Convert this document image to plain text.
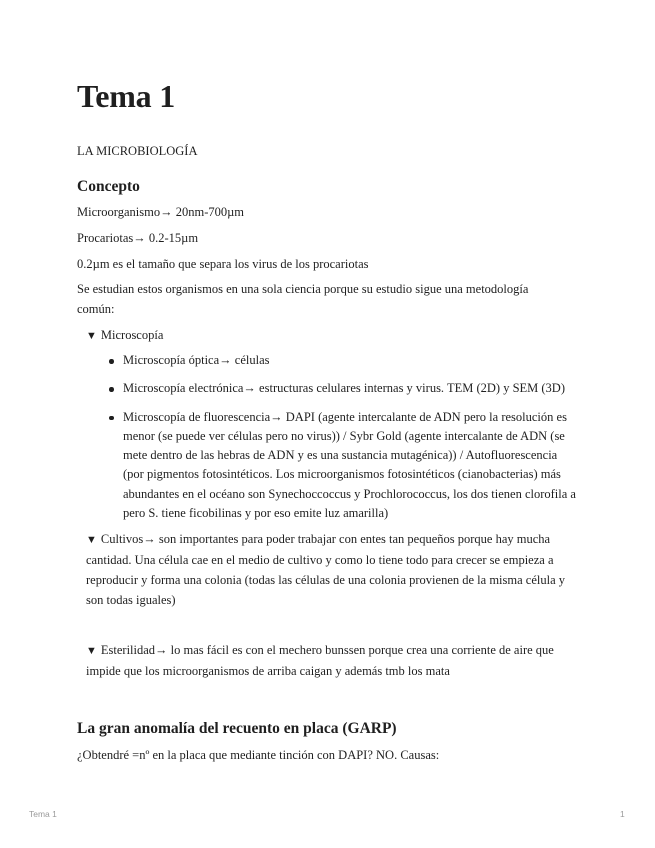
Tema 1

LA MICROBIOLOGÍA

Concepto

Microorganismo→ 20nm-700µm

Procariotas→ 0.2-15µm

0.2µm es el tamaño que separa los virus de los procariotas

Se estudian estos organismos en una sola ciencia porque su estudio sigue una metodología común:

▼ Microscopía

Microscopía óptica→ células
Microscopía electrónica→ estructuras celulares internas y virus. TEM (2D) y SEM (3D)
Microscopía de fluorescencia→ DAPI (agente intercalante de ADN pero la resolución es menor (se puede ver células pero no virus)) / Sybr Gold (agente intercalante de ADN (se mete dentro de las hebras de ADN y es una sustancia mutagénica)) / Autofluorescencia (por pigmentos fotosintéticos. Los microorganismos fotosintéticos (cianobacterias) más abundantes en el océano son Synechoccoccus y Prochlorococcus, los dos tienen clorofila a pero S. tiene ficobilinas y por eso emite luz amarilla)

▼ Cultivos→ son importantes para poder trabajar con entes tan pequeños porque hay mucha cantidad. Una célula cae en el medio de cultivo y como lo tiene todo para crecer se empieza a reproducir y forma una colonia (todas las células de una colonia provienen de la misma célula y son todas iguales)

▼ Esterilidad→ lo mas fácil es con el mechero bunssen porque crea una corriente de aire que impide que los microorganismos de arriba caigan y además tmb los mata

La gran anomalía del recuento en placa (GARP)

¿Obtendré =nº en la placa que mediante tinción con DAPI? NO. Causas:

Tema 1	1
